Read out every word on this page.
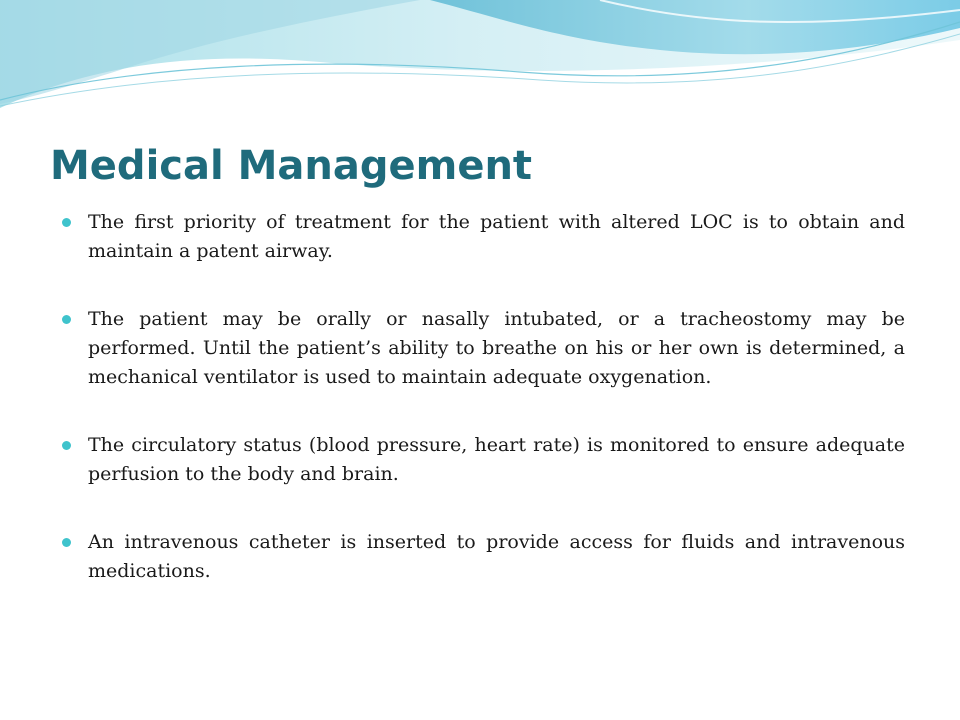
Medical Management
The first priority of treatment for the patient with altered LOC is to obtain and maintain a patent airway.
The patient may be orally or nasally intubated, or a tracheostomy may be performed. Until the patient’s ability to breathe on his or her own is determined, a mechanical ventilator is used to maintain adequate oxygenation.
The circulatory status (blood pressure, heart rate) is monitored to ensure adequate perfusion to the body and brain.
An intravenous catheter is inserted to provide access for fluids and intravenous medications.
